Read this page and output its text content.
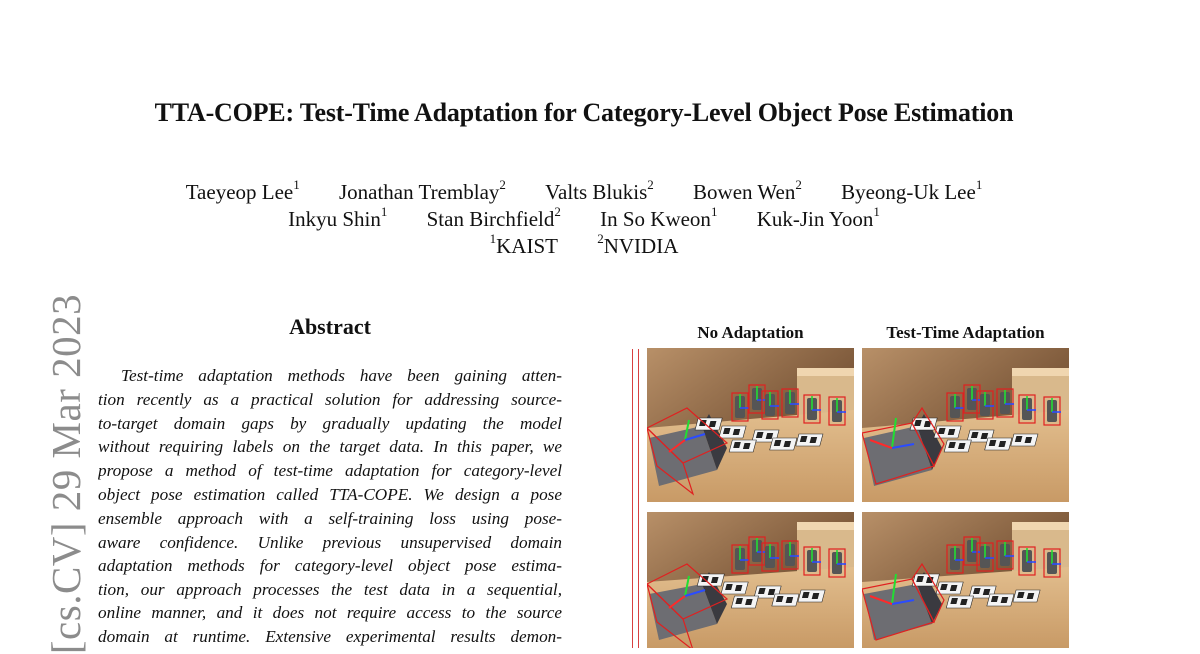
TTA-COPE: Test-Time Adaptation for Category-Level Object Pose Estimation
Taeyeop Lee$^1$ Jonathan Tremblay$^2$ Valts Blukis$^2$ Bowen Wen$^2$ Byeong-Uk Lee$^1$
Inkyu Shin$^1$ Stan Birchfield$^2$ In So Kweon$^1$ Kuk-Jin Yoon$^1$
$^1$KAIST	$^2$NVIDIA
[cs.CV] 29 Mar 2023	Abstract
Test-time adaptation methods have been gaining atten-
tion recently as a practical solution for addressing source-
to-target domain gaps by gradually updating the model
without requiring labels on the target data. In this paper, we
propose a method of test-time adaptation for category-level
object pose estimation called TTA-COPE. We design a pose
ensemble approach with a self-training loss using pose-
aware confidence. Unlike previous unsupervised domain
adaptation methods for category-level object pose estima-
tion, our approach processes the test data in a sequential,
online manner, and it does not require access to the source
domain at runtime. Extensive experimental results demon-
No Adaptation	Test-Time Adaptation
